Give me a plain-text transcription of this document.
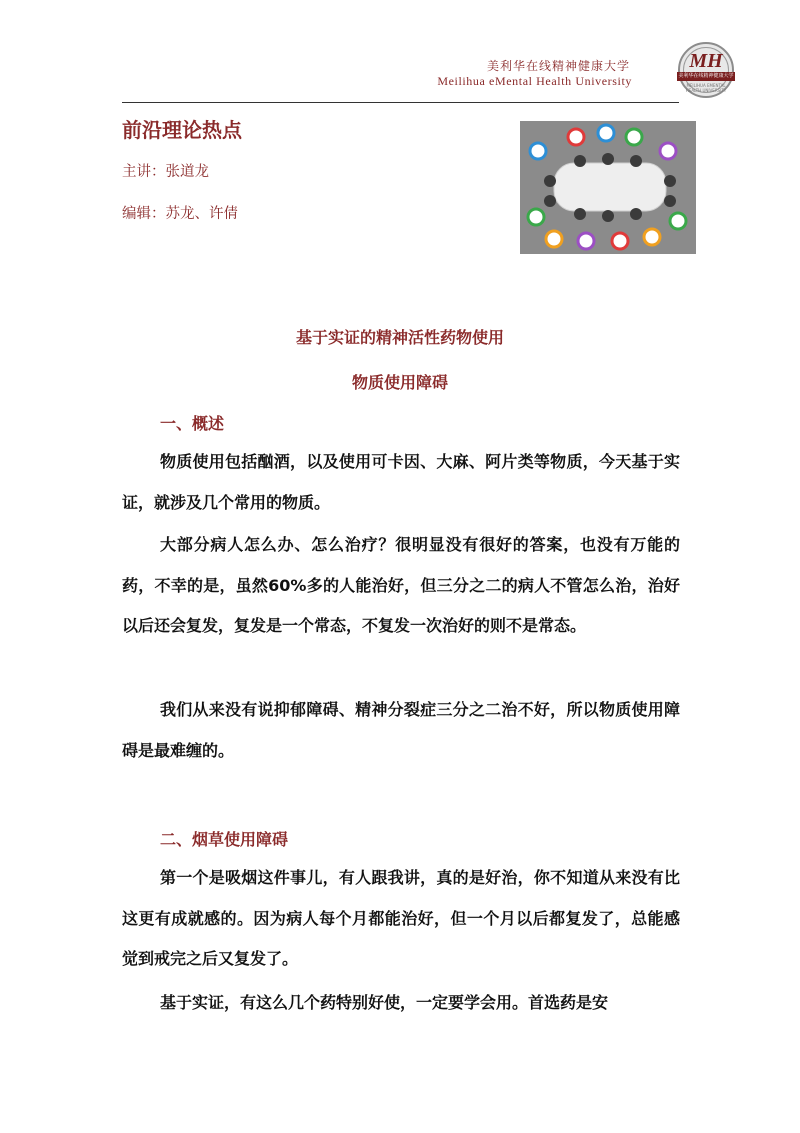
美利华在线精神健康大学
Meilihua eMental Health University
MH
美利华在线精神健康大学
MEILIHUA EMENTAL HEALTH UNIVERSITY
前沿理论热点
主讲：张道龙
编辑：苏龙、许倩
基于实证的精神活性药物使用
物质使用障碍
一、概述
物质使用包括酗酒，以及使用可卡因、大麻、阿片类等物质，今天基于实证，就涉及几个常用的物质。
大部分病人怎么办、怎么治疗？很明显没有很好的答案，也没有万能的药，不幸的是，虽然60%多的人能治好，但三分之二的病人不管怎么治，治好以后还会复发，复发是一个常态，不复发一次治好的则不是常态。
我们从来没有说抑郁障碍、精神分裂症三分之二治不好，所以物质使用障碍是最难缠的。
二、烟草使用障碍
第一个是吸烟这件事儿，有人跟我讲，真的是好治，你不知道从来没有比这更有成就感的。因为病人每个月都能治好，但一个月以后都复发了，总能感觉到戒完之后又复发了。
基于实证，有这么几个药特别好使，一定要学会用。首选药是安
